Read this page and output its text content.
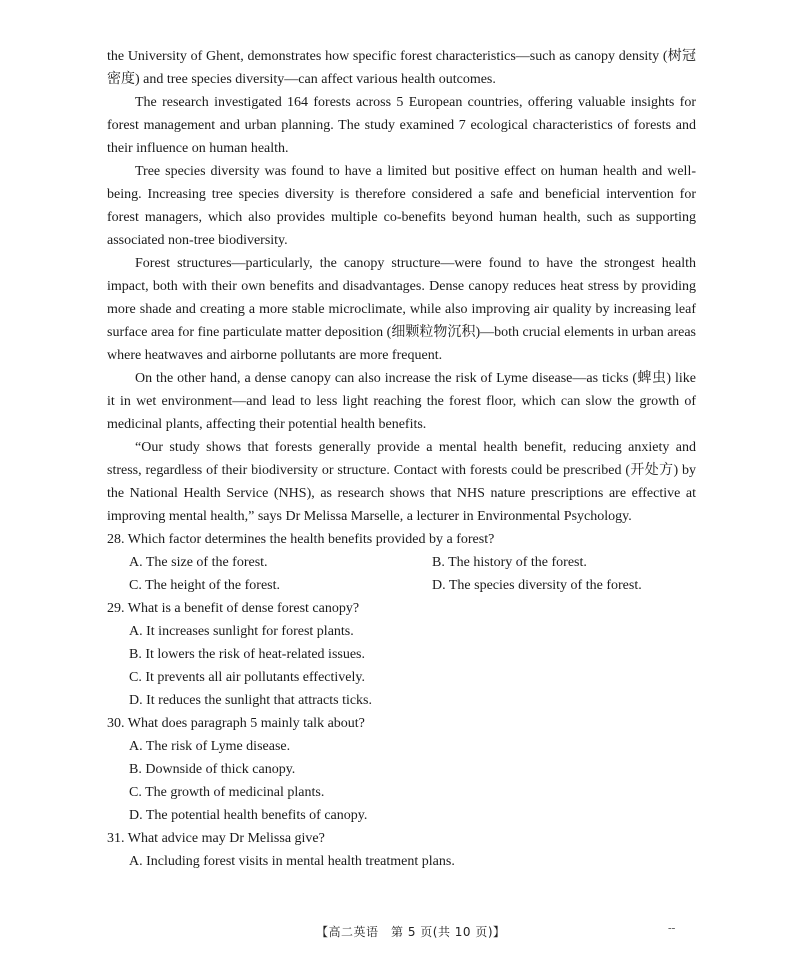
the University of Ghent, demonstrates how specific forest characteristics—such as canopy density (树冠密度) and tree species diversity—can affect various health outcomes.

The research investigated 164 forests across 5 European countries, offering valuable insights for forest management and urban planning. The study examined 7 ecological characteristics of forests and their influence on human health.

Tree species diversity was found to have a limited but positive effect on human health and well-being. Increasing tree species diversity is therefore considered a safe and beneficial intervention for forest managers, which also provides multiple co-benefits beyond human health, such as supporting associated non-tree biodiversity.

Forest structures—particularly, the canopy structure—were found to have the strongest health impact, both with their own benefits and disadvantages. Dense canopy reduces heat stress by providing more shade and creating a more stable microclimate, while also improving air quality by increasing leaf surface area for fine particulate matter deposition (细颗粒物沉积)—both crucial elements in urban areas where heatwaves and airborne pollutants are more frequent.

On the other hand, a dense canopy can also increase the risk of Lyme disease—as ticks (蜱虫) like it in wet environment—and lead to less light reaching the forest floor, which can slow the growth of medicinal plants, affecting their potential health benefits.

“Our study shows that forests generally provide a mental health benefit, reducing anxiety and stress, regardless of their biodiversity or structure. Contact with forests could be prescribed (开处方) by the National Health Service (NHS), as research shows that NHS nature prescriptions are effective at improving mental health,” says Dr Melissa Marselle, a lecturer in Environmental Psychology.

28. Which factor determines the health benefits provided by a forest?

A. The size of the forest.	B. The history of the forest.

C. The height of the forest.	D. The species diversity of the forest.

29. What is a benefit of dense forest canopy?

A. It increases sunlight for forest plants.

B. It lowers the risk of heat-related issues.

C. It prevents all air pollutants effectively.

D. It reduces the sunlight that attracts ticks.

30. What does paragraph 5 mainly talk about?

A. The risk of Lyme disease.

B. Downside of thick canopy.

C. The growth of medicinal plants.

D. The potential health benefits of canopy.

31. What advice may Dr Melissa give?

A. Including forest visits in mental health treatment plans.

【高二英语　第 5 页(共 10 页)】	--
